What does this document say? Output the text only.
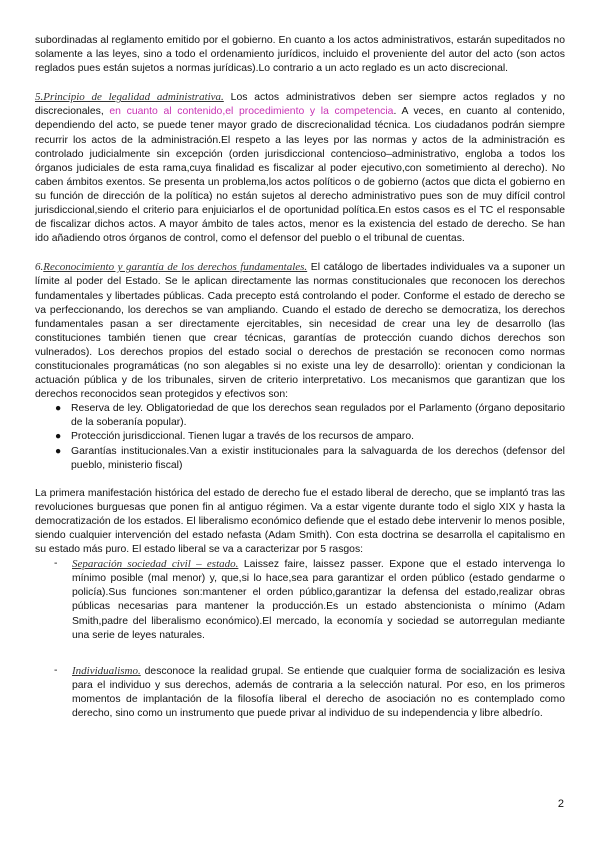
subordinadas al reglamento emitido por el gobierno. En cuanto a los actos administrativos, estarán supeditados no solamente a las leyes, sino a todo el ordenamiento jurídicos, incluido el proveniente del autor del acto (son actos reglados pues están sujetos a normas jurídicas).Lo contrario a un acto reglado es un acto discrecional.

5.Principio de legalidad administrativa. Los actos administrativos deben ser siempre actos reglados y no discrecionales, en cuanto al contenido,el procedimiento y la competencia. A veces, en cuanto al contenido, dependiendo del acto, se puede tener mayor grado de discrecionalidad técnica. Los ciudadanos podrán siempre recurrir los actos de la administración.El respeto a las leyes por las normas y actos de la administración es controlado judicialmente sin excepción (orden jurisdiccional contencioso–administrativo, engloba a todos los órganos judiciales de esta rama,cuya finalidad es fiscalizar al poder ejecutivo,con sometimiento al derecho). No caben ámbitos exentos. Se presenta un problema,los actos políticos o de gobierno (actos que dicta el gobierno en su función de dirección de la política) no están sujetos al derecho administrativo pues son de muy difícil control jurisdiccional,siendo el criterio para enjuiciarlos el de oportunidad política.En estos casos es el TC el responsable de fiscalizar dichos actos. A mayor ámbito de tales actos, menor es la existencia del estado de derecho. Se han ido añadiendo otros órganos de control, como el defensor del pueblo o el tribunal de cuentas.

6.Reconocimiento y garantía de los derechos fundamentales. El catálogo de libertades individuales va a suponer un límite al poder del Estado. Se le aplican directamente las normas constitucionales que reconocen los derechos fundamentales y libertades públicas. Cada precepto está controlando el poder. Conforme el estado de derecho se va perfeccionando, los derechos se van ampliando. Cuando el estado de derecho se democratiza, los derechos fundamentales pasan a ser directamente ejercitables, sin necesidad de crear una ley de desarrollo (las constituciones también tienen que crear técnicas, garantías de protección cuando dichos derechos son vulnerados). Los derechos propios del estado social o derechos de prestación se reconocen como normas constitucionales programáticas (no son alegables si no existe una ley de desarrollo): orientan y condicionan la actuación pública y de los tribunales, sirven de criterio interpretativo. Los mecanismos que garantizan que los derechos reconocidos sean protegidos y efectivos son:

● Reserva de ley. Obligatoriedad de que los derechos sean regulados por el Parlamento (órgano depositario de la soberanía popular).
● Protección jurisdiccional. Tienen lugar a través de los recursos de amparo.
● Garantías institucionales.Van a existir institucionales para la salvaguarda de los derechos (defensor del pueblo, ministerio fiscal)

La primera manifestación histórica del estado de derecho fue el estado liberal de derecho, que se implantó tras las revoluciones burguesas que ponen fin al antiguo régimen. Va a estar vigente durante todo el siglo XIX y hasta la democratización de los estados. El liberalismo económico defiende que el estado debe intervenir lo menos posible, siendo cualquier intervención del estado nefasta (Adam Smith). Con esta doctrina se desarrolla el capitalismo en su estado más puro. El estado liberal se va a caracterizar por 5 rasgos:

- Separación sociedad civil – estado. Laissez faire, laissez passer. Expone que el estado intervenga lo mínimo posible (mal menor) y, que,si lo hace,sea para garantizar el orden público (estado gendarme o policía).Sus funciones son:mantener el orden público,garantizar la defensa del estado,realizar obras públicas necesarias para mantener la producción.Es un estado abstencionista o mínimo (Adam Smith,padre del liberalismo económico).El mercado, la economía y sociedad se autorregulan mediante una serie de leyes naturales.
- Individualismo. desconoce la realidad grupal. Se entiende que cualquier forma de socialización es lesiva para el individuo y sus derechos, además de contraria a la selección natural. Por eso, en los primeros momentos de implantación de la filosofía liberal el derecho de asociación no es contemplado como derecho, sino como un instrumento que puede privar al individuo de su independencia y libre albedrío.
2
